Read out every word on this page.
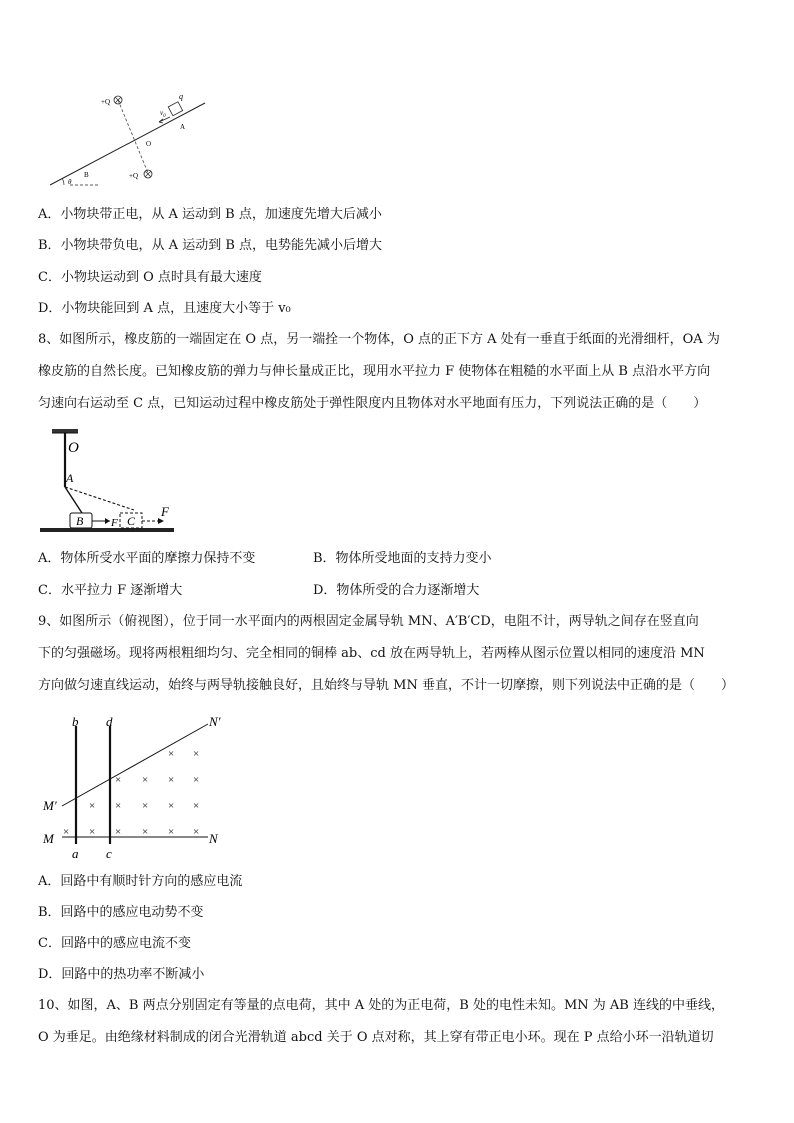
+Q
+Q
q
$v_0$
A
O
B
θ
A．小物块带正电，从 A 运动到 B 点，加速度先增大后减小
B．小物块带负电，从 A 运动到 B 点，电势能先减小后增大
C．小物块运动到 O 点时具有最大速度
D．小物块能回到 A 点，且速度大小等于 v₀
8、如图所示，橡皮筋的一端固定在 O 点，另一端拴一个物体，O 点的正下方 A 处有一垂直于纸面的光滑细杆，OA 为
橡皮筋的自然长度。已知橡皮筋的弹力与伸长量成正比，现用水平拉力 F 使物体在粗糙的水平面上从 B 点沿水平方向
匀速向右运动至 C 点，已知运动过程中橡皮筋处于弹性限度内且物体对水平地面有压力，下列说法正确的是（　　）
O
A
B	F C
F
A．物体所受水平面的摩擦力保持不变	B．物体所受地面的支持力变小
C．水平拉力 F 逐渐增大	D．物体所受的合力逐渐增大
9、如图所示（俯视图），位于同一水平面内的两根固定金属导轨 MN、A′B′CD，电阻不计，两导轨之间存在竖直向
下的匀强磁场。现将两根粗细均匀、完全相同的铜棒 ab、cd 放在两导轨上，若两棒从图示位置以相同的速度沿 MN
方向做匀速直线运动，始终与两导轨接触良好，且始终与导轨 MN 垂直，不计一切摩擦，则下列说法中正确的是（　　）
× ×
× × × ×
× × × × ×
× × × × × ×
b d	N′
M′
M	N
a c
A．回路中有顺时针方向的感应电流
B．回路中的感应电动势不变
C．回路中的感应电流不变
D．回路中的热功率不断减小
10、如图，A、B 两点分别固定有等量的点电荷，其中 A 处的为正电荷，B 处的电性未知。MN 为 AB 连线的中垂线，
O 为垂足。由绝缘材料制成的闭合光滑轨道 abcd 关于 O 点对称，其上穿有带正电小环。现在 P 点给小环一沿轨道切
